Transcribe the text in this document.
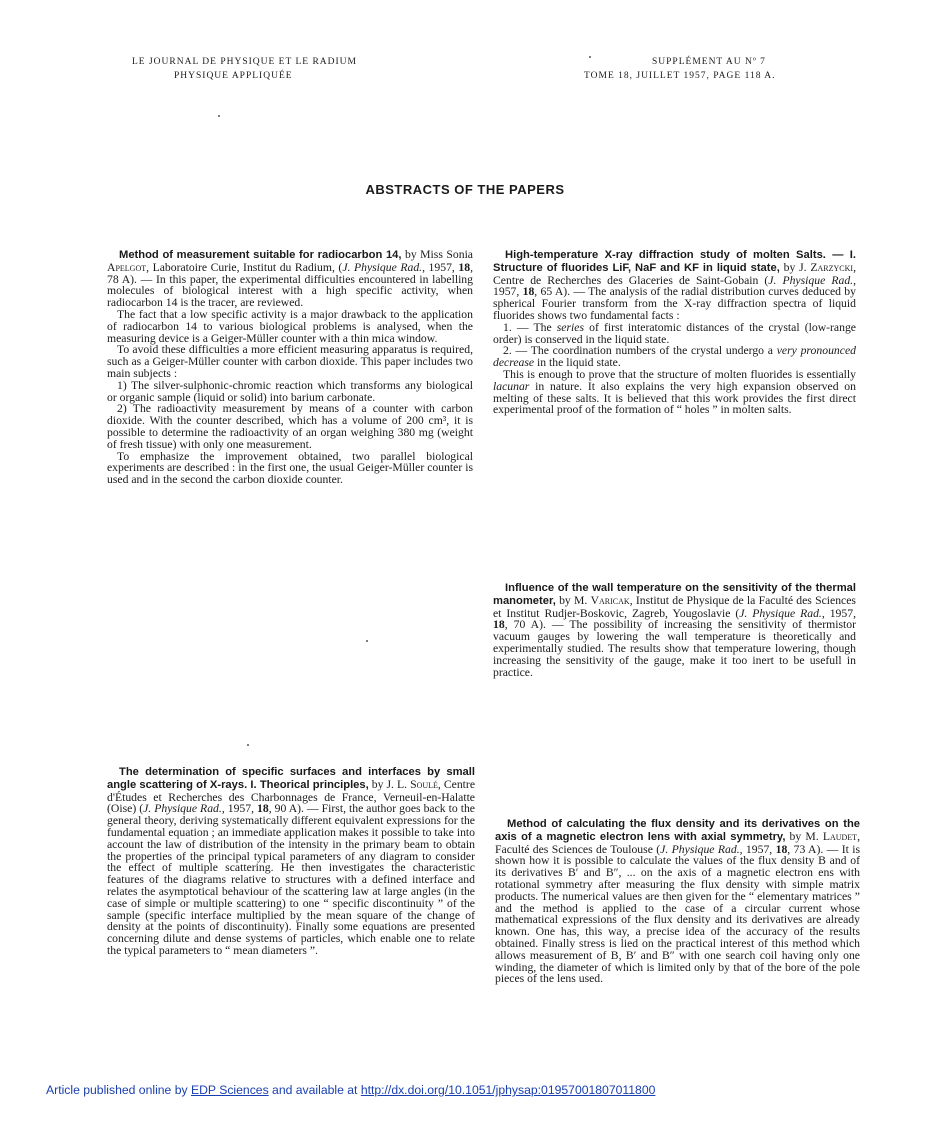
LE JOURNAL DE PHYSIQUE ET LE RADIUM
PHYSIQUE APPLIQUÉE
SUPPLÉMENT AU Nº 7
TOME 18, JUILLET 1957, PAGE 118 A.
ABSTRACTS OF THE PAPERS

Method of measurement suitable for radiocarbon 14, by Miss Sonia Apelgot, Laboratoire Curie, Institut du Radium, (J. Physique Rad., 1957, 18, 78 A). — In this paper, the experimental difficulties encountered in labelling molecules of biological interest with a high specific activity, when radiocarbon 14 is the tracer, are reviewed.

The fact that a low specific activity is a major drawback to the application of radiocarbon 14 to various biological problems is analysed, when the measuring device is a Geiger-Müller counter with a thin mica window.

To avoid these difficulties a more efficient measuring apparatus is required, such as a Geiger-Müller counter with carbon dioxide. This paper includes two main subjects :

1) The silver-sulphonic-chromic reaction which transforms any biological or organic sample (liquid or solid) into barium carbonate.

2) The radioactivity measurement by means of a counter with carbon dioxide. With the counter described, which has a volume of 200 cm³, it is possible to determine the radioactivity of an organ weighing 380 mg (weight of fresh tissue) with only one measurement.

To emphasize the improvement obtained, two parallel biological experiments are described : in the first one, the usual Geiger-Müller counter is used and in the second the carbon dioxide counter.

High-temperature X-ray diffraction study of molten Salts. — I. Structure of fluorides LiF, NaF and KF in liquid state, by J. Zarzycki, Centre de Recherches des Glaceries de Saint-Gobain (J. Physique Rad., 1957, 18, 65 A). — The analysis of the radial distribution curves deduced by spherical Fourier transform from the X-ray diffraction spectra of liquid fluorides shows two fundamental facts :

1. — The series of first interatomic distances of the crystal (low-range order) is conserved in the liquid state.

2. — The coordination numbers of the crystal undergo a very pronounced decrease in the liquid state.

This is enough to prove that the structure of molten fluorides is essentially lacunar in nature. It also explains the very high expansion observed on melting of these salts. It is believed that this work provides the first direct experimental proof of the formation of “ holes ” in molten salts.

Influence of the wall temperature on the sensitivity of the thermal manometer, by M. Varicak, Institut de Physique de la Faculté des Sciences et Institut Rudjer-Boskovic, Zagreb, Yougoslavie (J. Physique Rad., 1957, 18, 70 A). — The possibility of increasing the sensitivity of thermistor vacuum gauges by lowering the wall temperature is theoretically and experimentally studied. The results show that temperature lowering, though increasing the sensitivity of the gauge, make it too inert to be usefull in practice.

The determination of specific surfaces and interfaces by small angle scattering of X-rays. I. Theorical principles, by J. L. Soulé, Centre d'Études et Recherches des Charbonnages de France, Verneuil-en-Halatte (Oise) (J. Physique Rad., 1957, 18, 90 A). — First, the author goes back to the general theory, deriving systematically different equivalent expressions for the fundamental equation ; an immediate application makes it possible to take into account the law of distribution of the intensity in the primary beam to obtain the properties of the principal typical parameters of any diagram to consider the effect of multiple scattering. He then investigates the characteristic features of the diagrams relative to structures with a defined interface and relates the asymptotical behaviour of the scattering law at large angles (in the case of simple or multiple scattering) to one “ specific discontinuity ” of the sample (specific interface multiplied by the mean square of the change of density at the points of discontinuity). Finally some equations are presented concerning dilute and dense systems of particles, which enable one to relate the typical parameters to “ mean diameters ”.

Method of calculating the flux density and its derivatives on the axis of a magnetic electron lens with axial symmetry, by M. Laudet, Faculté des Sciences de Toulouse (J. Physique Rad., 1957, 18, 73 A). — It is shown how it is possible to calculate the values of the flux density B and of its derivatives B′ and B″, ... on the axis of a magnetic electron ens with rotational symmetry after measuring the flux density with simple matrix products. The numerical values are then given for the “ elementary matrices ” and the method is applied to the case of a circular current whose mathematical expressions of the flux density and its derivatives are already known. One has, this way, a precise idea of the accuracy of the results obtained. Finally stress is lied on the practical interest of this method which allows measurement of B, B′ and B″ with one search coil having only one winding, the diameter of which is limited only by that of the bore of the pole pieces of the lens used.

Article published online by EDP Sciences and available at http://dx.doi.org/10.1051/jphysap:01957001807011800
